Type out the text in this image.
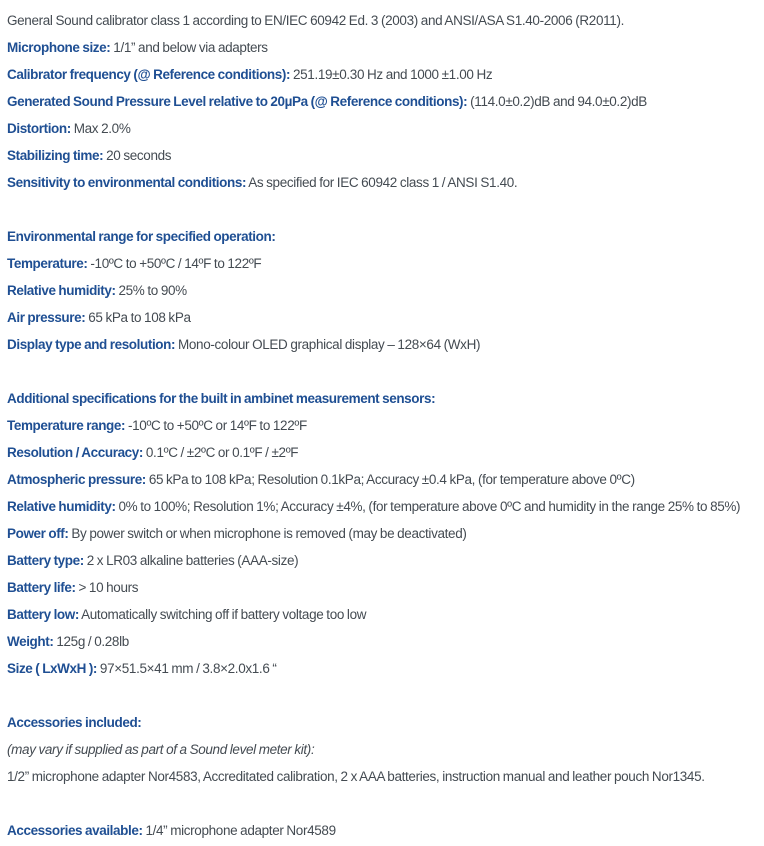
General Sound calibrator class 1 according to EN/IEC 60942 Ed. 3 (2003) and ANSI/ASA S1.40-2006 (R2011).
Microphone size: 1/1” and below via adapters
Calibrator frequency (@ Reference conditions): 251.19±0.30 Hz and 1000 ±1.00 Hz
Generated Sound Pressure Level relative to 20µPa (@ Reference conditions): (114.0±0.2)dB and 94.0±0.2)dB
Distortion: Max 2.0%
Stabilizing time: 20 seconds
Sensitivity to environmental conditions: As specified for IEC 60942 class 1 / ANSI S1.40.
Environmental range for specified operation:
Temperature: -10ºC to +50ºC / 14ºF to 122ºF
Relative humidity: 25% to 90%
Air pressure: 65 kPa to 108 kPa
Display type and resolution: Mono-colour OLED graphical display – 128×64 (WxH)
Additional specifications for the built in ambinet measurement sensors:
Temperature range: -10ºC to +50ºC or 14ºF to 122ºF
Resolution / Accuracy: 0.1ºC / ±2ºC or 0.1ºF / ±2ºF
Atmospheric pressure: 65 kPa to 108 kPa; Resolution 0.1kPa; Accuracy ±0.4 kPa, (for temperature above 0ºC)
Relative humidity: 0% to 100%; Resolution 1%; Accuracy ±4%, (for temperature above 0ºC and humidity in the range 25% to 85%)
Power off: By power switch or when microphone is removed (may be deactivated)
Battery type: 2 x LR03 alkaline batteries (AAA-size)
Battery life: > 10 hours
Battery low: Automatically switching off if battery voltage too low
Weight: 125g / 0.28lb
Size ( LxWxH ): 97×51.5×41 mm / 3.8×2.0x1.6 “
Accessories included:
(may vary if supplied as part of a Sound level meter kit):
1/2” microphone adapter Nor4583, Accreditated calibration, 2 x AAA batteries, instruction manual and leather pouch Nor1345.
Accessories available: 1/4” microphone adapter Nor4589
